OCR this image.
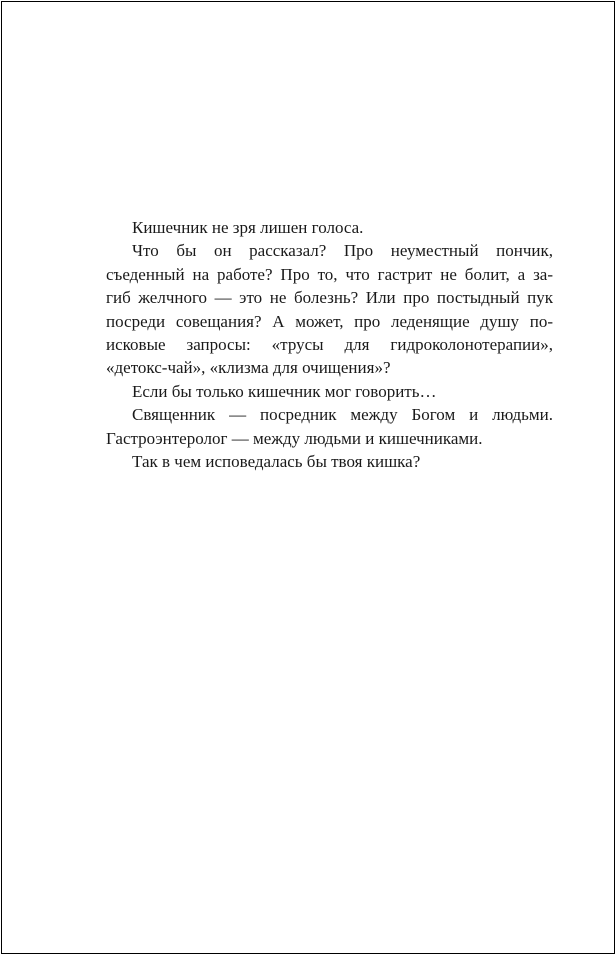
Кишечник не зря лишен голоса.
Что бы он рассказал? Про неуместный пончик,
съеденный на работе? Про то, что гастрит не болит, а за-
гиб желчного — это не болезнь? Или про постыдный пук
посреди совещания? А может, про леденящие душу по-
исковые запросы: «трусы для гидроколонотерапии»,
«детокс-чай», «клизма для очищения»?
Если бы только кишечник мог говорить…
Священник — посредник между Богом и людьми.
Гастроэнтеролог — между людьми и кишечниками.
Так в чем исповедалась бы твоя кишка?
